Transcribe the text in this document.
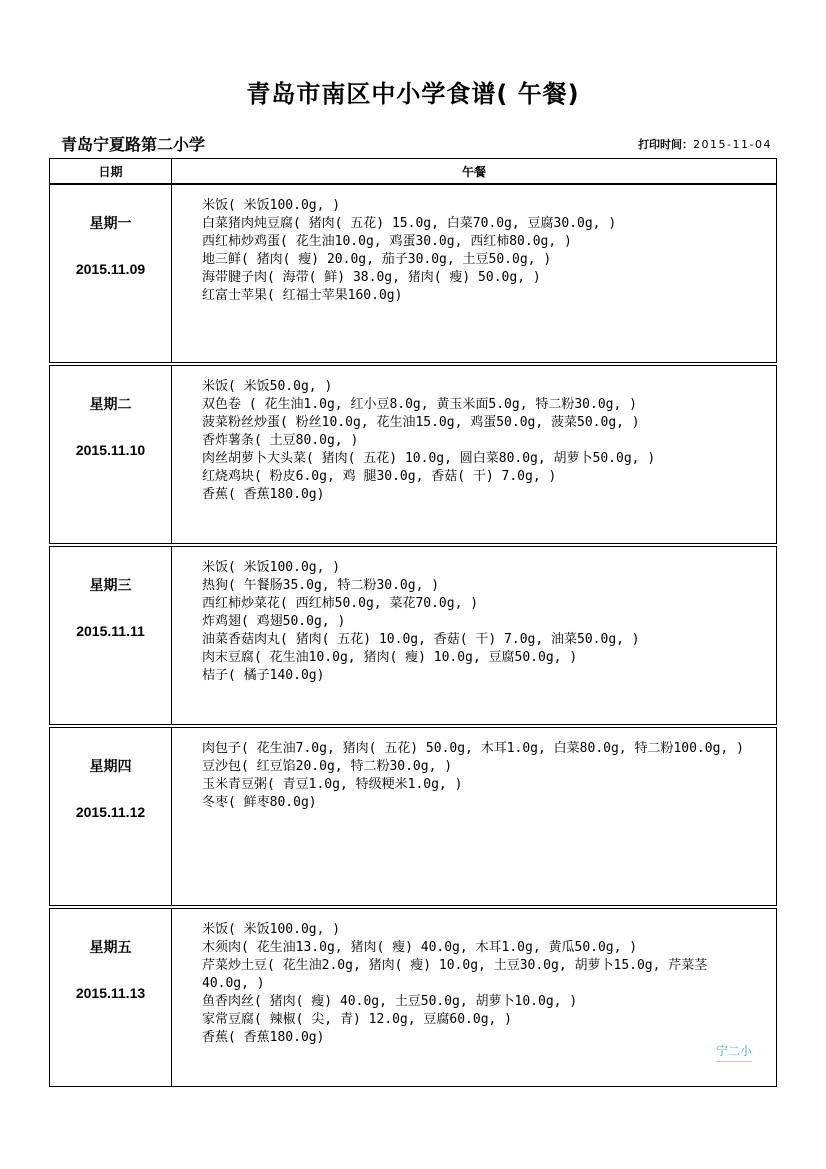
青岛市南区中小学食谱( 午餐)
青岛宁夏路第二小学	打印时间：2015-11-04
日期	午餐
星期一
2015.11.09
米饭( 米饭100.0g, )
白菜猪肉炖豆腐( 猪肉( 五花) 15.0g, 白菜70.0g, 豆腐30.0g, )
西红柿炒鸡蛋( 花生油10.0g, 鸡蛋30.0g, 西红柿80.0g, )
地三鲜( 猪肉( 瘦) 20.0g, 茄子30.0g, 土豆50.0g, )
海带腱子肉( 海带( 鲜) 38.0g, 猪肉( 瘦) 50.0g, )
红富士苹果( 红福士苹果160.0g)
星期二
2015.11.10
米饭( 米饭50.0g, )
双色卷 ( 花生油1.0g, 红小豆8.0g, 黄玉米面5.0g, 特二粉30.0g, )
菠菜粉丝炒蛋( 粉丝10.0g, 花生油15.0g, 鸡蛋50.0g, 菠菜50.0g, )
香炸薯条( 土豆80.0g, )
肉丝胡萝卜大头菜( 猪肉( 五花) 10.0g, 圆白菜80.0g, 胡萝卜50.0g, )
红烧鸡块( 粉皮6.0g, 鸡 腿30.0g, 香菇( 干) 7.0g, )
香蕉( 香蕉180.0g)
星期三
2015.11.11
米饭( 米饭100.0g, )
热狗( 午餐肠35.0g, 特二粉30.0g, )
西红柿炒菜花( 西红柿50.0g, 菜花70.0g, )
炸鸡翅( 鸡翅50.0g, )
油菜香菇肉丸( 猪肉( 五花) 10.0g, 香菇( 干) 7.0g, 油菜50.0g, )
肉末豆腐( 花生油10.0g, 猪肉( 瘦) 10.0g, 豆腐50.0g, )
桔子( 橘子140.0g)
星期四
2015.11.12
肉包子( 花生油7.0g, 猪肉( 五花) 50.0g, 木耳1.0g, 白菜80.0g, 特二粉100.0g, )
豆沙包( 红豆馅20.0g, 特二粉30.0g, )
玉米青豆粥( 青豆1.0g, 特级粳米1.0g, )
冬枣( 鲜枣80.0g)
星期五
2015.11.13
米饭( 米饭100.0g, )
木须肉( 花生油13.0g, 猪肉( 瘦) 40.0g, 木耳1.0g, 黄瓜50.0g, )
芹菜炒土豆( 花生油2.0g, 猪肉( 瘦) 10.0g, 土豆30.0g, 胡萝卜15.0g, 芹菜茎40.0g, )
鱼香肉丝( 猪肉( 瘦) 40.0g, 土豆50.0g, 胡萝卜10.0g, )
家常豆腐( 辣椒( 尖, 青) 12.0g, 豆腐60.0g, )
香蕉( 香蕉180.0g)
宁二小
